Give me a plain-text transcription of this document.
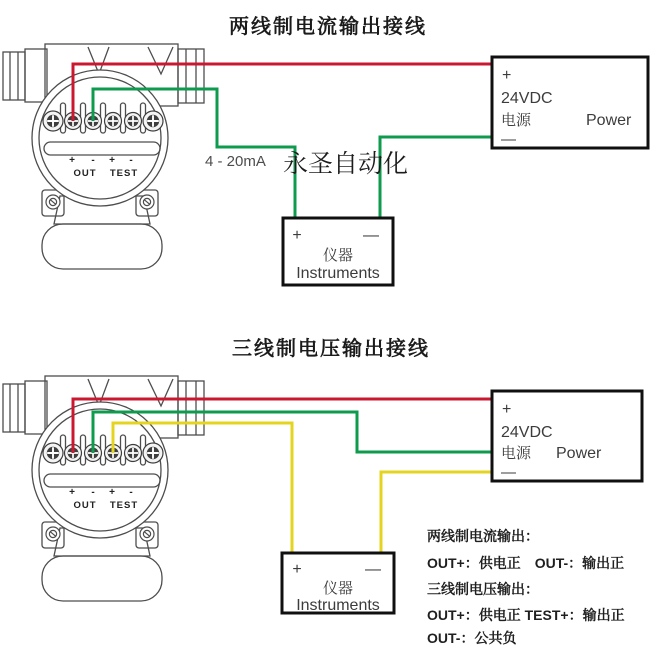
两线制电流输出接线
+
24VDC
电源	Power
—
+	—
仪器
Instruments
4 - 20mA 永圣自动化
三线制电压输出接线
+
24VDC
电源 Power
—
+	—
仪器
Instruments
两线制电流输出：
OUT+：供电正　OUT-：输出正
三线制电压输出：
OUT+：供电正 TEST+：输出正
OUT-：公共负
